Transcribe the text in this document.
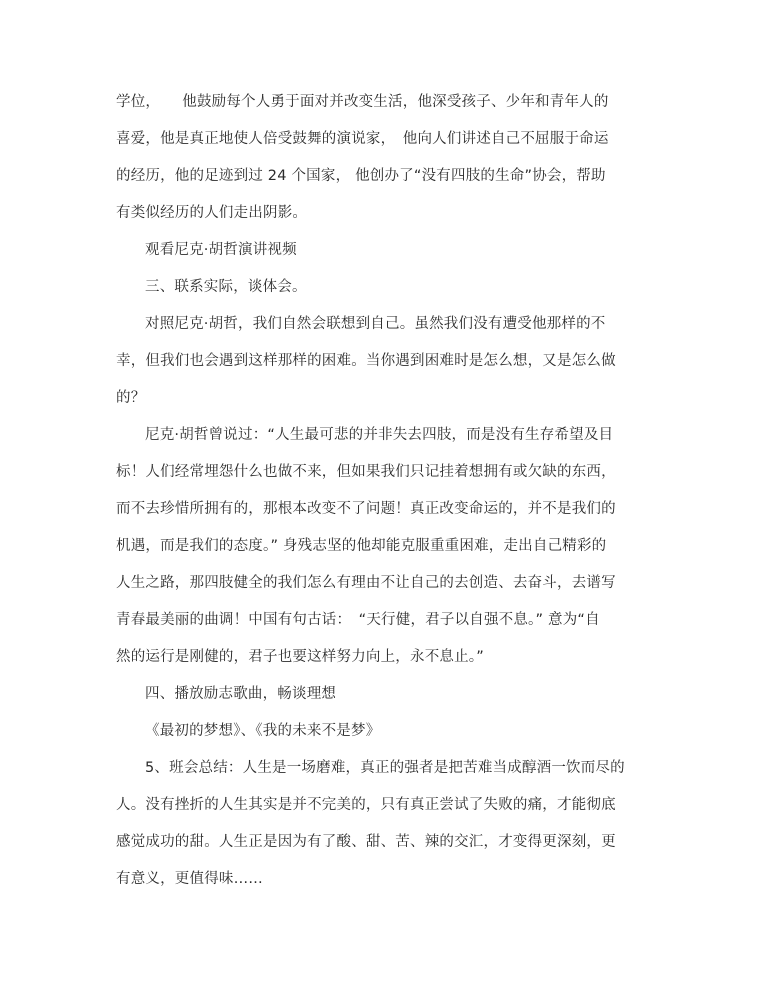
学位，　　他鼓励每个人勇于面对并改变生活，他深受孩子、少年和青年人的
喜爱，他是真正地使人倍受鼓舞的演说家，　他向人们讲述自己不屈服于命运
的经历，他的足迹到过 24 个国家， 他创办了“没有四肢的生命”协会，帮助
有类似经历的人们走出阴影。
观看尼克·胡哲演讲视频
三、联系实际，谈体会。
对照尼克·胡哲，我们自然会联想到自己。虽然我们没有遭受他那样的不
幸，但我们也会遇到这样那样的困难。当你遇到困难时是怎么想，又是怎么做
的？
尼克·胡哲曾说过：“人生最可悲的并非失去四肢，而是没有生存希望及目
标！人们经常埋怨什么也做不来，但如果我们只记挂着想拥有或欠缺的东西，
而不去珍惜所拥有的，那根本改变不了问题！真正改变命运的，并不是我们的
机遇，而是我们的态度。” 身残志坚的他却能克服重重困难，走出自己精彩的
人生之路，那四肢健全的我们怎么有理由不让自己的去创造、去奋斗，去谱写
青春最美丽的曲调！中国有句古话：　“天行健，君子以自强不息。” 意为“自
然的运行是刚健的，君子也要这样努力向上，永不息止。”
四、播放励志歌曲，畅谈理想
《最初的梦想》、《我的未来不是梦》
5、班会总结：人生是一场磨难，真正的强者是把苦难当成醇酒一饮而尽的
人。没有挫折的人生其实是并不完美的，只有真正尝试了失败的痛，才能彻底
感觉成功的甜。人生正是因为有了酸、甜、苦、辣的交汇，才变得更深刻，更
有意义，更值得味……
